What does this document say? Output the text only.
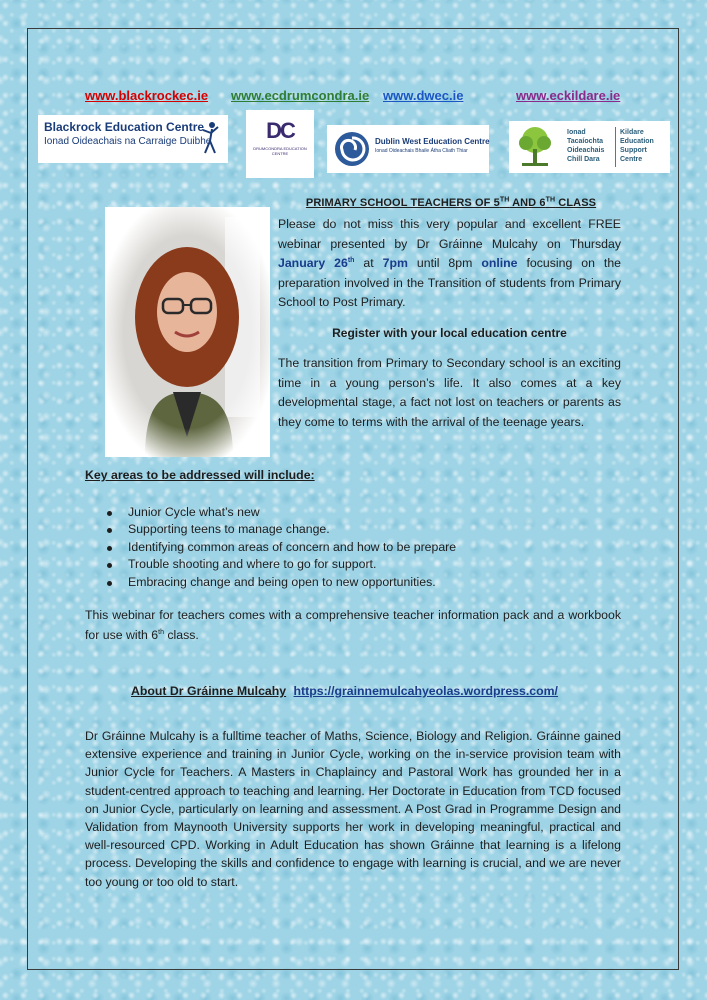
www.blackrockec.ie www.ecdrumcondra.ie www.dwec.ie	www.eckildare.ie
Blackrock Education Centre
Ionad Oideachais na Carraige Duibhe	DC
DRUMCONDRA EDUCATION CENTRE
Dublin West Education Centre
Ionad Oideachais Bhaile Átha Cliath Thiar
Ionad
Tacaíochta
Oideachais
Chill Dara
Kildare
Education
Support
Centre
PRIMARY SCHOOL TEACHERS OF 5TH AND 6TH CLASS
Please do not miss this very popular and excellent FREE webinar presented by Dr Gráinne Mulcahy on Thursday January 26th at 7pm until 8pm online focusing on the preparation involved in the Transition of students from Primary School to Post Primary.
Register with your local education centre
The transition from Primary to Secondary school is an exciting time in a young person’s life. It also comes at a key developmental stage, a fact not lost on teachers or parents as they come to terms with the arrival of the teenage years.
Key areas to be addressed will include:
Junior Cycle what’s new
Supporting teens to manage change.
Identifying common areas of concern and how to be prepare
Trouble shooting and where to go for support.
Embracing change and being open to new opportunities.
This webinar for teachers comes with a comprehensive teacher information pack and a workbook for use with 6th class.
About Dr Gráinne Mulcahy https://grainnemulcahyeolas.wordpress.com/
Dr Gráinne Mulcahy is a fulltime teacher of Maths, Science, Biology and Religion. Gráinne gained extensive experience and training in Junior Cycle, working on the in-service provision team with Junior Cycle for Teachers. A Masters in Chaplaincy and Pastoral Work has grounded her in a student-centred approach to teaching and learning. Her Doctorate in Education from TCD focused on Junior Cycle, particularly on learning and assessment. A Post Grad in Programme Design and Validation from Maynooth University supports her work in developing meaningful, practical and well-resourced CPD. Working in Adult Education has shown Gráinne that learning is a lifelong process. Developing the skills and confidence to engage with learning is crucial, and we are never too young or too old to start.
